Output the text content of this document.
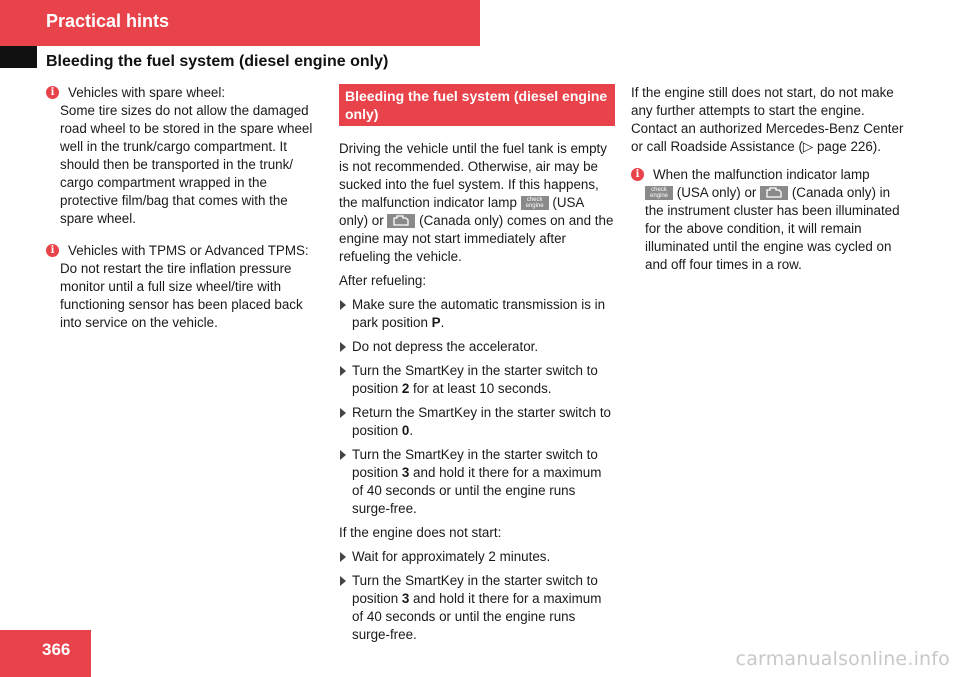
Practical hints
Bleeding the fuel system (diesel engine only)
i	Vehicles with spare wheel:
Some tire sizes do not allow the damaged road wheel to be stored in the spare wheel well in the trunk/cargo compartment. It should then be transported in the trunk/ cargo compartment wrapped in the protective film/bag that comes with the spare wheel.
i	Vehicles with TPMS or Advanced TPMS:
Do not restart the tire inflation pressure monitor until a full size wheel/tire with functioning sensor has been placed back into service on the vehicle.
Bleeding the fuel system (diesel engine only)

Driving the vehicle until the fuel tank is empty is not recommended. Otherwise, air may be sucked into the fuel system. If this happens, the malfunction indicator lamp check engine (USA only) or	(Canada only) comes on and the engine may not start immediately after refueling the vehicle.

After refueling:

Make sure the automatic transmission is in park position P.
Do not depress the accelerator.
Turn the SmartKey in the starter switch to position 2 for at least 10 seconds.
Return the SmartKey in the starter switch to position 0.
Turn the SmartKey in the starter switch to position 3 and hold it there for a maximum of 40 seconds or until the engine runs surge-free.

If the engine does not start:

Wait for approximately 2 minutes.
Turn the SmartKey in the starter switch to position 3 and hold it there for a maximum of 40 seconds or until the engine runs surge-free.

If the engine still does not start, do not make any further attempts to start the engine. Contact an authorized Mercedes-Benz Center or call Roadside Assistance (▷ page 226).

i	When the malfunction indicator lamp
check engine (USA only) or	(Canada only) in the instrument cluster has been illuminated for the above condition, it will remain illuminated until the engine was cycled on and off four times in a row.
366	carmanualsonline.info
